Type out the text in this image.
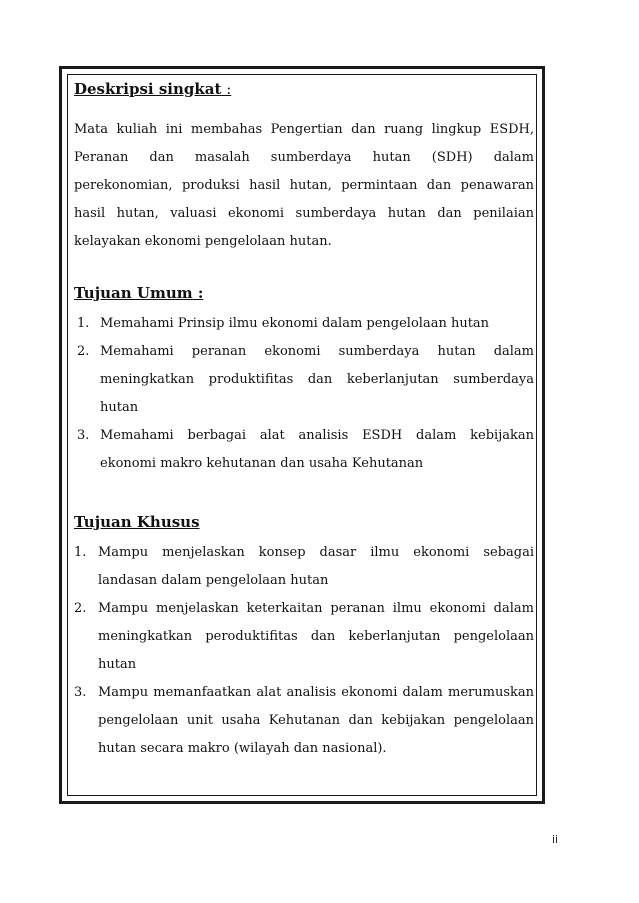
Deskripsi singkat :

Mata kuliah ini membahas Pengertian dan ruang lingkup ESDH, Peranan dan masalah sumberdaya hutan (SDH) dalam perekonomian, produksi hasil hutan, permintaan dan penawaran hasil hutan, valuasi ekonomi sumberdaya hutan dan penilaian kelayakan ekonomi pengelolaan hutan.

Tujuan Umum :
1. Memahami Prinsip ilmu ekonomi dalam pengelolaan hutan
2. Memahami peranan ekonomi sumberdaya hutan dalam meningkatkan produktifitas dan keberlanjutan sumberdaya hutan
3. Memahami berbagai alat analisis ESDH dalam kebijakan ekonomi makro kehutanan dan usaha Kehutanan
Tujuan Khusus
1. Mampu menjelaskan konsep dasar ilmu ekonomi sebagai landasan dalam pengelolaan hutan
2. Mampu menjelaskan keterkaitan peranan ilmu ekonomi dalam meningkatkan peroduktifitas dan keberlanjutan pengelolaan hutan
3. Mampu memanfaatkan alat analisis ekonomi dalam merumuskan pengelolaan unit usaha Kehutanan dan kebijakan pengelolaan hutan secara makro (wilayah dan nasional).
ii
